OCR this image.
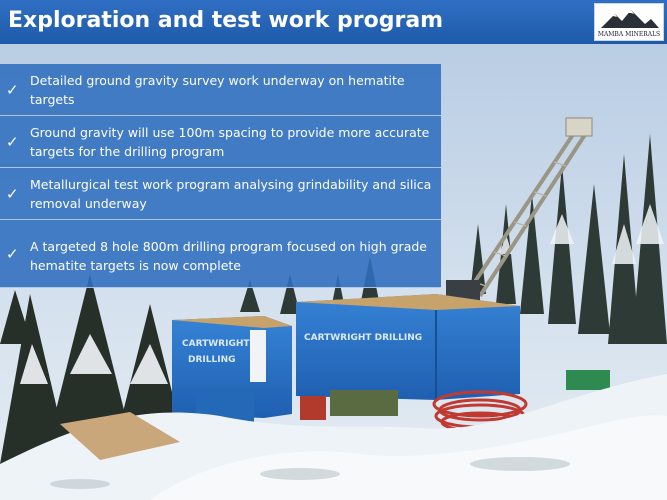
Exploration and test work program
MAMBA MINERALS
CARTWRIGHT DRILLING
CARTWRIGHT
DRILLING
✓ Detailed ground gravity survey work underway on hematite targets
✓ Ground gravity will use 100m spacing to provide more accurate targets for the drilling program
✓ Metallurgical test work program analysing grindability and silica removal underway
✓ A targeted 8 hole 800m drilling program focused on high grade hematite targets is now complete
